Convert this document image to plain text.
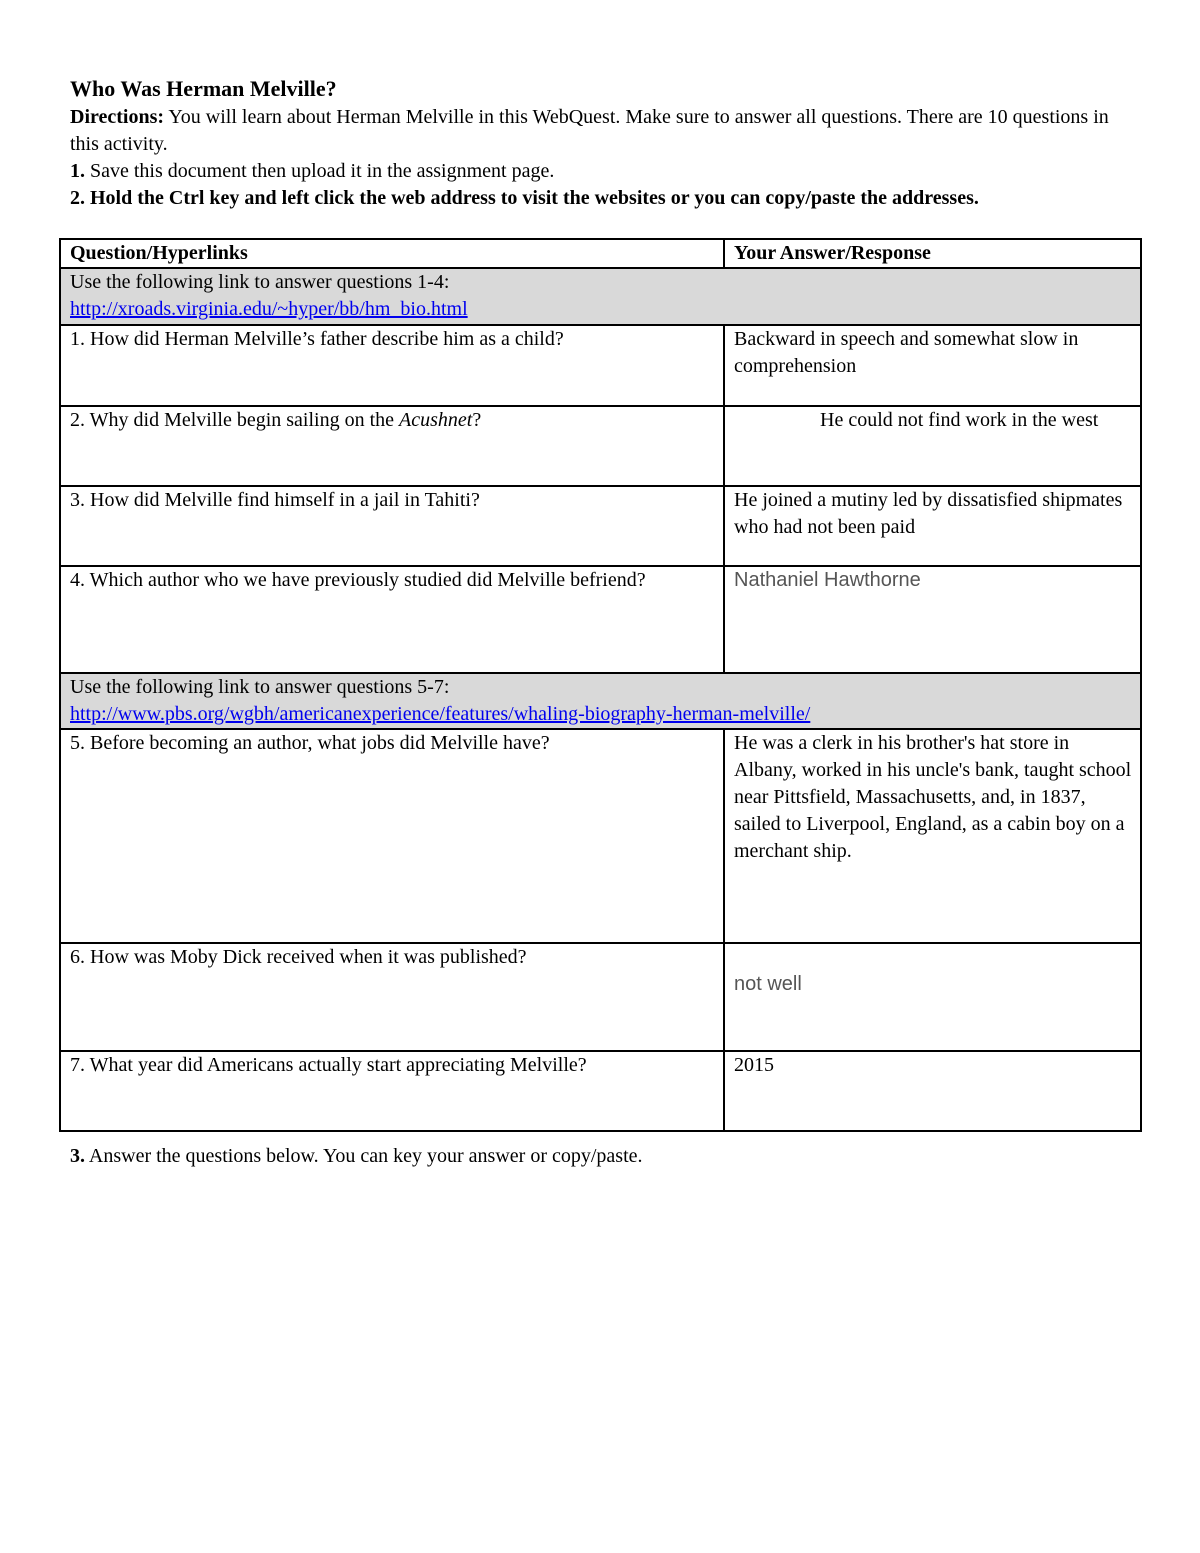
Who Was Herman Melville?

Directions: You will learn about Herman Melville in this WebQuest. Make sure to answer all questions. There are 10 questions in this activity.

1. Save this document then upload it in the assignment page.

2. Hold the Ctrl key and left click the web address to visit the websites or you can copy/paste the addresses.

Question/Hyperlinks	Your Answer/Response

Use the following link to answer questions 1-4:
http://xroads.virginia.edu/~hyper/bb/hm_bio.html	
1. How did Herman Melville’s father describe him as a child?	Backward in speech and somewhat slow in comprehension
2. Why did Melville begin sailing on the Acushnet?	He could not find work in the west
3. How did Melville find himself in a jail in Tahiti?	He joined a mutiny led by dissatisfied shipmates who had not been paid
4. Which author who we have previously studied did Melville befriend?	Nathaniel Hawthorne

Use the following link to answer questions 5-7:
http://www.pbs.org/wgbh/americanexperience/features/whaling-biography-herman-melville/	
5. Before becoming an author, what jobs did Melville have?	He was a clerk in his brother's hat store in Albany, worked in his uncle's bank, taught school near Pittsfield, Massachusetts, and, in 1837, sailed to Liverpool, England, as a cabin boy on a merchant ship.
6. How was Moby Dick received when it was published?	not well

7. What year did Americans actually start appreciating Melville?	2015
3. Answer the questions below. You can key your answer or copy/paste.
